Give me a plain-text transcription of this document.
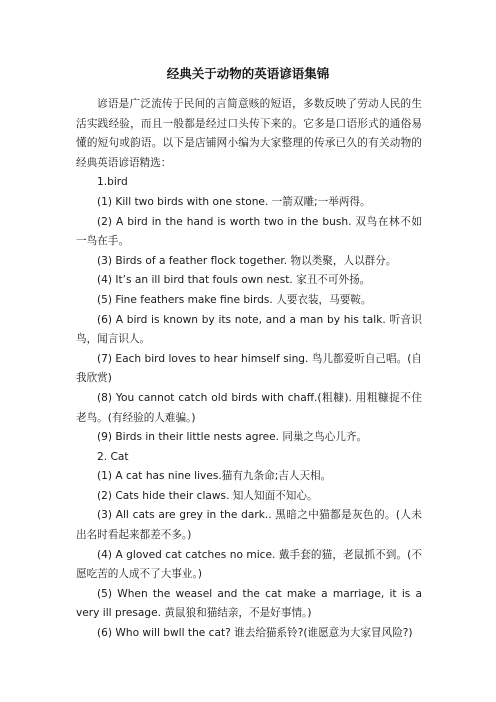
经典关于动物的英语谚语集锦

谚语是广泛流传于民间的言简意赅的短语，多数反映了劳动人民的生活实践经验，而且一般都是经过口头传下来的。它多是口语形式的通俗易懂的短句或韵语。以下是店铺网小编为大家整理的传承已久的有关动物的经典英语谚语精选：

1.bird

(1) Kill two birds with one stone. 一箭双雕;一举两得。

(2) A bird in the hand is worth two in the bush. 双鸟在林不如一鸟在手。

(3) Birds of a feather flock together. 物以类聚，人以群分。

(4) It’s an ill bird that fouls own nest. 家丑不可外扬。

(5) Fine feathers make fine birds. 人要衣装，马要鞍。

(6) A bird is known by its note, and a man by his talk. 听音识鸟，闻言识人。

(7) Each bird loves to hear himself sing. 鸟儿都爱听自己唱。(自我欣赏)

(8) You cannot catch old birds with chaff.(粗糠). 用粗糠捉不住老鸟。(有经验的人难骗。)

(9) Birds in their little nests agree. 同巢之鸟心儿齐。

2. Cat

(1) A cat has nine lives.猫有九条命;吉人天相。

(2) Cats hide their claws. 知人知面不知心。

(3) All cats are grey in the dark.. 黑暗之中猫都是灰色的。(人未出名时看起来都差不多。)

(4) A gloved cat catches no mice. 戴手套的猫，老鼠抓不到。(不愿吃苦的人成不了大事业。)

(5) When the weasel and the cat make a marriage, it is a very ill presage. 黄鼠狼和猫结亲，不是好事情。)

(6) Who will bwll the cat? 谁去给猫系铃?(谁愿意为大家冒风险?)
